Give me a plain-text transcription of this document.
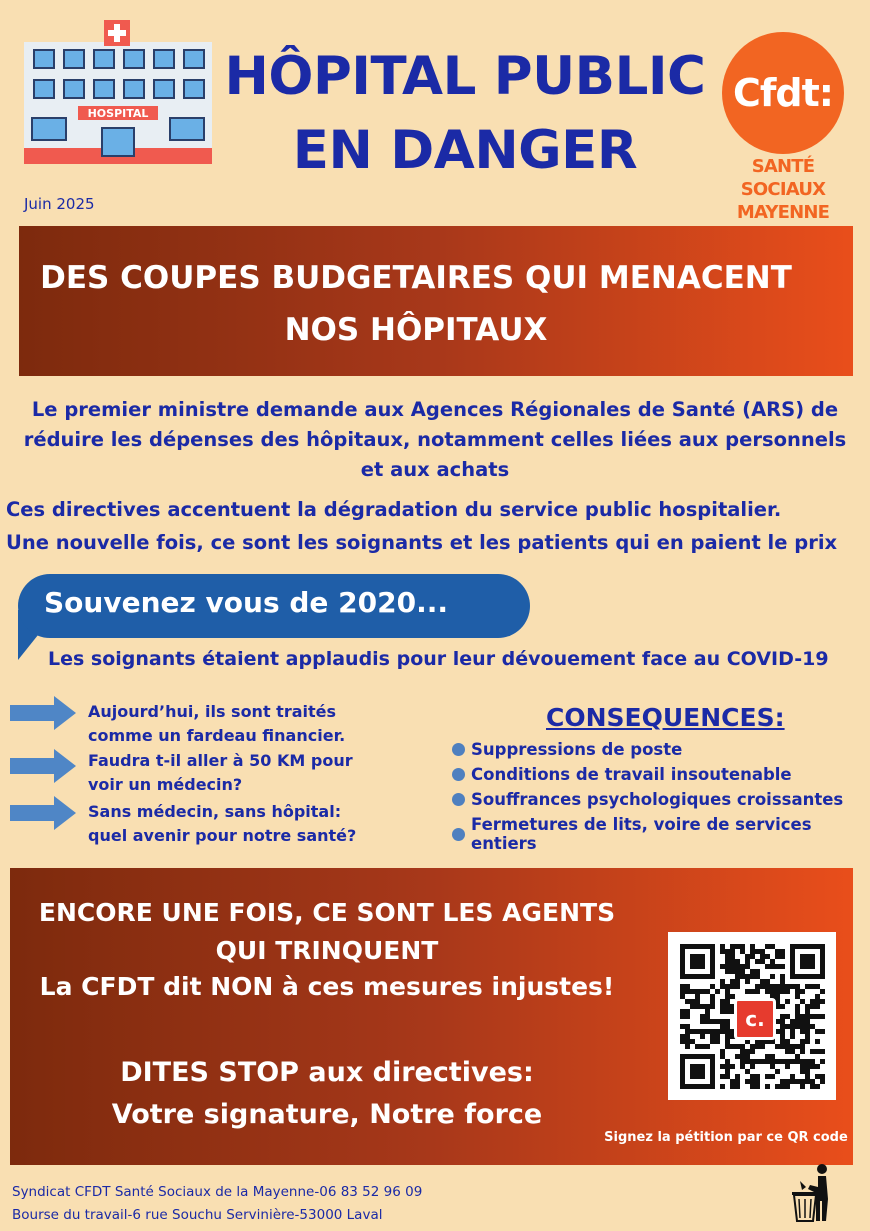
HOSPITAL
HÔPITAL PUBLIC
EN DANGER
Juin 2025
Cfdt:
SANTÉ SOCIAUX
MAYENNE
DES COUPES BUDGETAIRES QUI MENACENT
NOS HÔPITAUX
Le premier ministre demande aux Agences Régionales de Santé (ARS) de
réduire les dépenses des hôpitaux, notamment celles liées aux personnels
et aux achats
Ces directives accentuent la dégradation du service public hospitalier.
Une nouvelle fois, ce sont les soignants et les patients qui en paient le prix
Souvenez vous de 2020...
Les soignants étaient applaudis pour leur dévouement face au COVID-19
Aujourd’hui, ils sont traités
comme un fardeau financier.
Faudra t-il aller à 50 KM pour
voir un médecin?
Sans médecin, sans hôpital:
quel avenir pour notre santé?
CONSEQUENCES:
Suppressions de poste
Conditions de travail insoutenable
Souffrances psychologiques croissantes
Fermetures de lits, voire de services entiers
ENCORE UNE FOIS, CE SONT LES AGENTS
QUI TRINQUENT
La CFDT dit NON à ces mesures injustes!
DITES STOP aux directives:
Votre signature, Notre force
c.
Signez la pétition par ce QR code
Syndicat CFDT Santé Sociaux de la Mayenne-06 83 52 96 09
Bourse du travail-6 rue Souchu Servinière-53000 Laval
